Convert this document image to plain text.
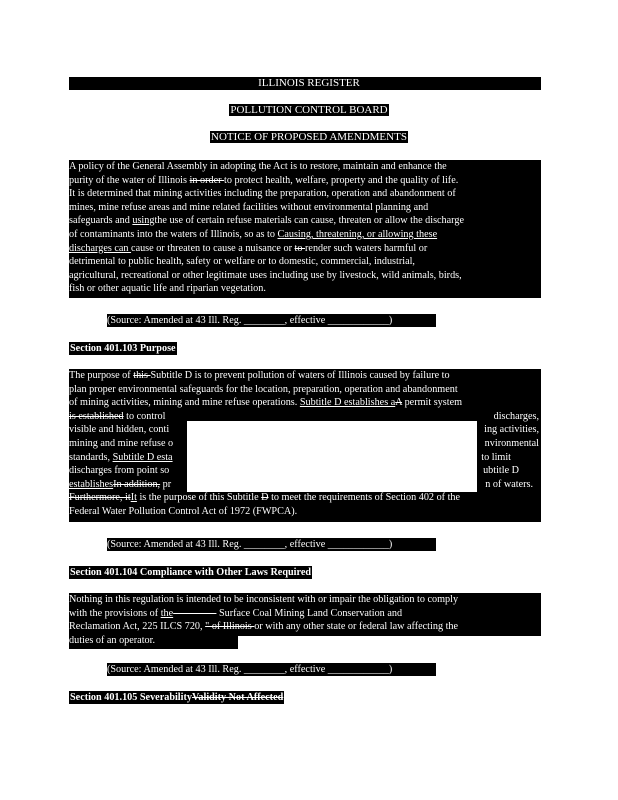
ILLINOIS REGISTER
POLLUTION CONTROL BOARD
NOTICE OF PROPOSED AMENDMENTS
A policy of the General Assembly in adopting the Act is to restore, maintain and enhance the
purity of the water of Illinois in order to protect health, welfare, property and the quality of life.
It is determined that mining activities including the preparation, operation and abandonment of
mines, mine refuse areas and mine related facilities without environmental planning and
safeguards and usingthe use of certain refuse materials can cause, threaten or allow the discharge
of contaminants into the waters of Illinois, so as to Causing, threatening, or allowing these
discharges can cause or threaten to cause a nuisance or to render such waters harmful or
detrimental to public health, safety or welfare or to domestic, commercial, industrial,
agricultural, recreational or other legitimate uses including use by livestock, wild animals, birds,
fish or other aquatic life and riparian vegetation.
(Source: Amended at 43 Ill. Reg. ________, effective ____________)
Section 401.103 Purpose
The purpose of this Subtitle D is to prevent pollution of waters of Illinois caused by failure to
plan proper environmental safeguards for the location, preparation, operation and abandonment
of mining activities, mining and mine refuse operations. Subtitle D establishes aA permit system
is established to control	discharges,
visible and hidden, conti	ing activities,
mining and mine refuse o	nvironmental
standards, Subtitle D esta	to limit
discharges from point so	ubtitle D
establishesIn addition, pr	n of waters.
Furthermore, itIt is the purpose of this Subtitle D to meet the requirements of Section 402 of the
Federal Water Pollution Control Act of 1972 (FWPCA).
(Source: Amended at 43 Ill. Reg. ________, effective ____________)
Section 401.104 Compliance with Other Laws Required
Nothing in this regulation is intended to be inconsistent with or impair the obligation to comply
with the provisions of the	Surface Coal Mining Land Conservation and
Reclamation Act, 225 ILCS 720, " of Illinois or with any other state or federal law affecting the
duties of an operator.
(Source: Amended at 43 Ill. Reg. ________, effective ____________)
Section 401.105 SeverabilityValidity Not Affected
